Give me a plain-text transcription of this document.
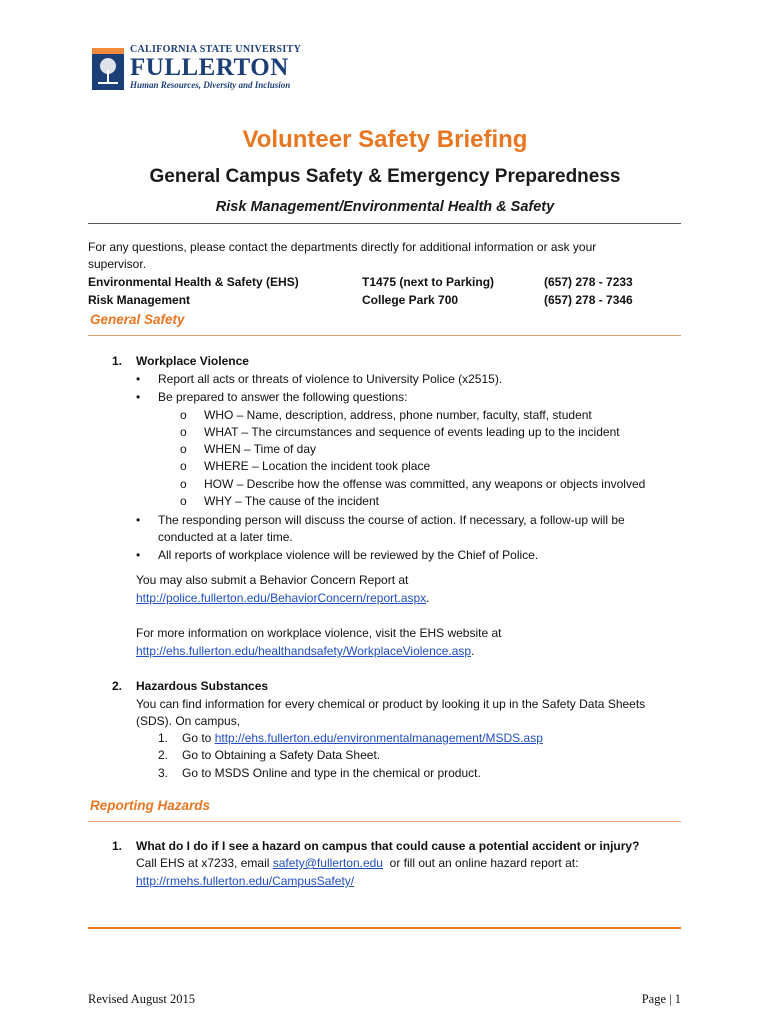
CALIFORNIA STATE UNIVERSITY
FULLERTON
Human Resources, Diversity and Inclusion
Volunteer Safety Briefing
General Campus Safety & Emergency Preparedness
Risk Management/Environmental Health & Safety
For any questions, please contact the departments directly for additional information or ask your
supervisor.
Environmental Health & Safety (EHS)	T1475 (next to Parking)	(657) 278 - 7233
Risk Management	College Park 700	(657) 278 - 7346
General Safety
1. Workplace Violence
• Report all acts or threats of violence to University Police (x2515).
• Be prepared to answer the following questions:
o WHO – Name, description, address, phone number, faculty, staff, student
o WHAT – The circumstances and sequence of events leading up to the incident
o WHEN – Time of day
o WHERE – Location the incident took place
o HOW – Describe how the offense was committed, any weapons or objects involved
o WHY – The cause of the incident
• The responding person will discuss the course of action. If necessary, a follow-up will be
conducted at a later time.
• All reports of workplace violence will be reviewed by the Chief of Police.
You may also submit a Behavior Concern Report at
http://police.fullerton.edu/BehaviorConcern/report.aspx.
For more information on workplace violence, visit the EHS website at
http://ehs.fullerton.edu/healthandsafety/WorkplaceViolence.asp.
2. Hazardous Substances
You can find information for every chemical or product by looking it up in the Safety Data Sheets
(SDS). On campus,
1. Go to http://ehs.fullerton.edu/environmentalmanagement/MSDS.asp
2. Go to Obtaining a Safety Data Sheet.
3. Go to MSDS Online and type in the chemical or product.
Reporting Hazards
1. What do I do if I see a hazard on campus that could cause a potential accident or injury?
Call EHS at x7233, email safety@fullerton.edu  or fill out an online hazard report at:
http://rmehs.fullerton.edu/CampusSafety/
Revised August 2015	Page | 1
